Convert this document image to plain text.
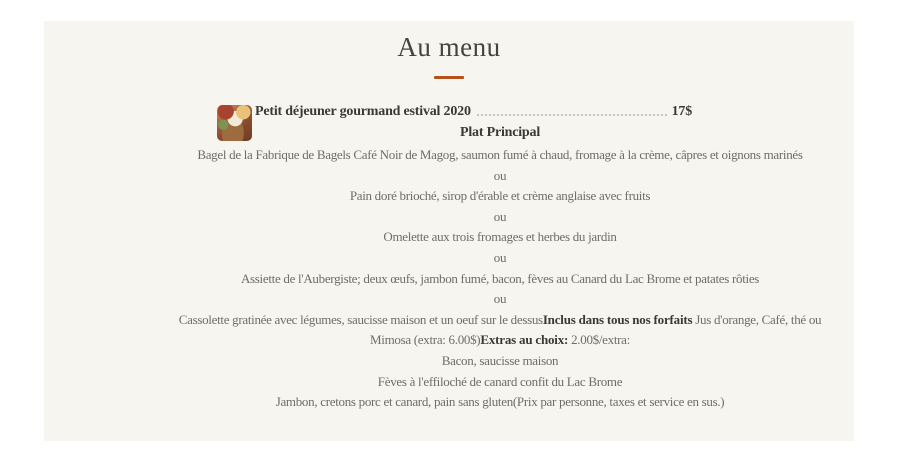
Au menu
Petit déjeuner gourmand estival 2020	17$
Plat Principal

Bagel de la Fabrique de Bagels Café Noir de Magog, saumon fumé à chaud, fromage à la crème, câpres et oignons marinés

ou

Pain doré brioché, sirop d'érable et crème anglaise avec fruits

ou

Omelette aux trois fromages et herbes du jardin

ou

Assiette de l'Aubergiste; deux œufs, jambon fumé, bacon, fèves au Canard du Lac Brome et patates rôties

ou

Cassolette gratinée avec légumes, saucisse maison et un oeuf sur le dessusInclus dans tous nos forfaits Jus d'orange, Café, thé ou

Mimosa (extra: 6.00$)Extras au choix: 2.00$/extra:

Bacon, saucisse maison

Fèves à l'effiloché de canard confit du Lac Brome

Jambon, cretons porc et canard, pain sans gluten(Prix par personne, taxes et service en sus.)
